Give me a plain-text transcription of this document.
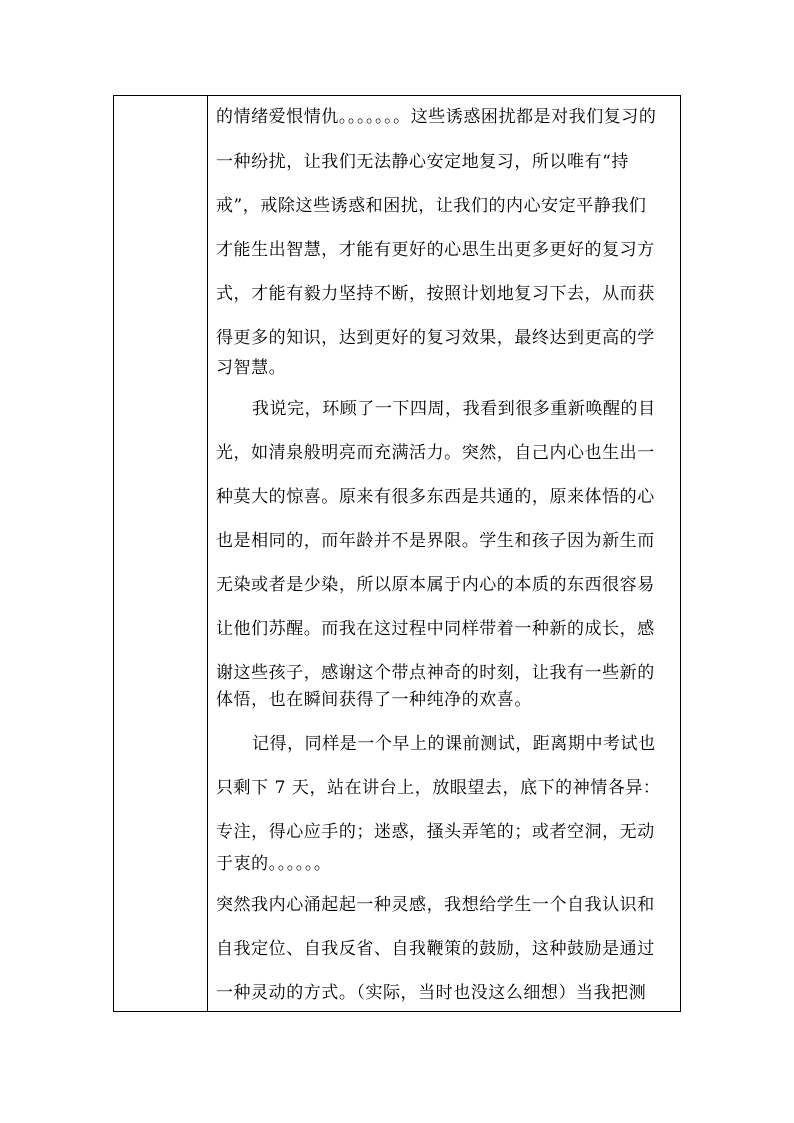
的情绪爱恨情仇。。。。。。。这些诱惑困扰都是对我们复习的
一种纷扰，让我们无法静心安定地复习，所以唯有“持
戒”，戒除这些诱惑和困扰，让我们的内心安定平静我们
才能生出智慧，才能有更好的心思生出更多更好的复习方
式，才能有毅力坚持不断，按照计划地复习下去，从而获
得更多的知识，达到更好的复习效果，最终达到更高的学
习智慧。
我说完，环顾了一下四周，我看到很多重新唤醒的目
光，如清泉般明亮而充满活力。突然，自己内心也生出一
种莫大的惊喜。原来有很多东西是共通的，原来体悟的心
也是相同的，而年龄并不是界限。学生和孩子因为新生而
无染或者是少染，所以原本属于内心的本质的东西很容易
让他们苏醒。而我在这过程中同样带着一种新的成长，感
谢这些孩子，感谢这个带点神奇的时刻，让我有一些新的
体悟，也在瞬间获得了一种纯净的欢喜。
记得，同样是一个早上的课前测试，距离期中考试也
只剩下 7 天，站在讲台上，放眼望去，底下的神情各异：
专注，得心应手的；迷惑，搔头弄笔的；或者空洞，无动
于衷的。。。。。。
突然我内心涌起起一种灵感，我想给学生一个自我认识和
自我定位、自我反省、自我鞭策的鼓励，这种鼓励是通过
一种灵动的方式。（实际，当时也没这么细想）当我把测
